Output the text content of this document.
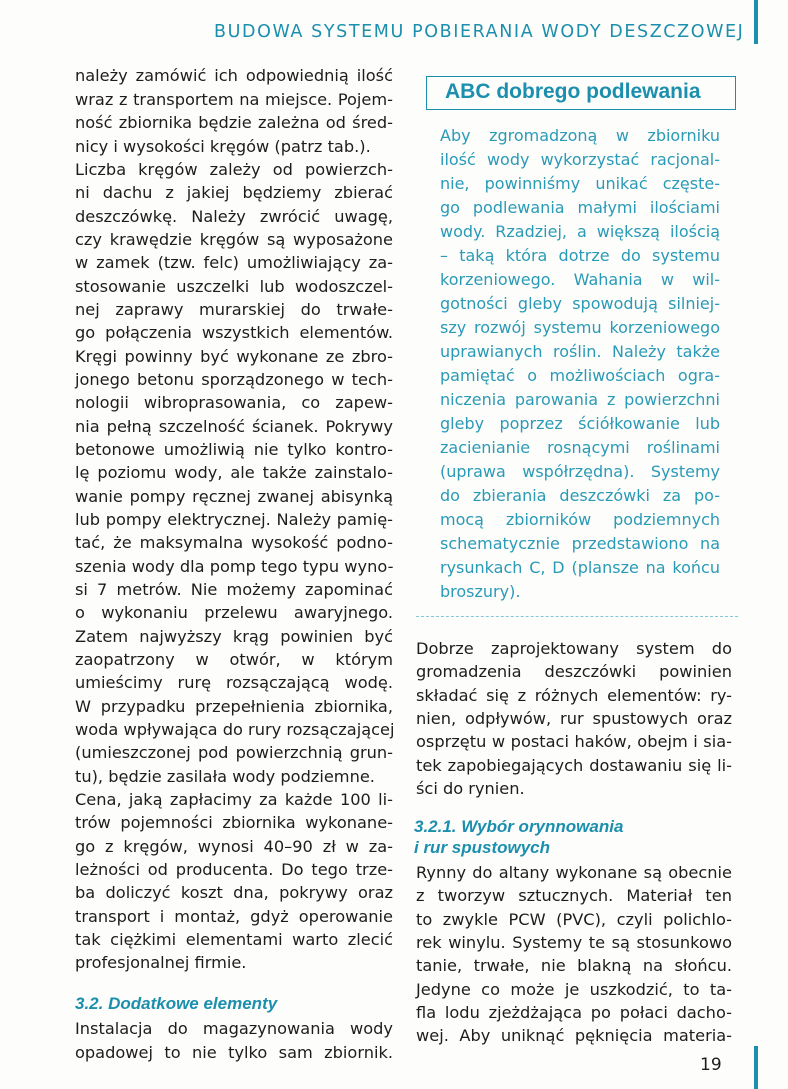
BUDOWA SYSTEMU POBIERANIA WODY DESZCZOWEJ
należy zamówić ich odpowiednią ilość
wraz z transportem na miejsce. Pojem-
ność zbiornika będzie zależna od śred-
nicy i wysokości kręgów (patrz tab.).
Liczba kręgów zależy od powierzch-
ni dachu z jakiej będziemy zbierać
deszczówkę. Należy zwrócić uwagę,
czy krawędzie kręgów są wyposażone
w zamek (tzw. felc) umożliwiający za-
stosowanie uszczelki lub wodoszczel-
nej zaprawy murarskiej do trwałe-
go połączenia wszystkich elementów.
Kręgi powinny być wykonane ze zbro-
jonego betonu sporządzonego w tech-
nologii wibroprasowania, co zapew-
nia pełną szczelność ścianek. Pokrywy
betonowe umożliwią nie tylko kontro-
lę poziomu wody, ale także zainstalo-
wanie pompy ręcznej zwanej abisynką
lub pompy elektrycznej. Należy pamię-
tać, że maksymalna wysokość podno-
szenia wody dla pomp tego typu wyno-
si 7 metrów. Nie możemy zapominać
o wykonaniu przelewu awaryjnego.
Zatem najwyższy krąg powinien być
zaopatrzony w otwór, w którym
umieścimy rurę rozsączającą wodę.
W przypadku przepełnienia zbiornika,
woda wpływająca do rury rozsączającej
(umieszczonej pod powierzchnią grun-
tu), będzie zasilała wody podziemne.
Cena, jaką zapłacimy za każde 100 li-
trów pojemności zbiornika wykonane-
go z kręgów, wynosi 40–90 zł w za-
leżności od producenta. Do tego trze-
ba doliczyć koszt dna, pokrywy oraz
transport i montaż, gdyż operowanie
tak ciężkimi elementami warto zlecić
profesjonalnej firmie.
3.2. Dodatkowe elementy
Instalacja do magazynowania wody
opadowej to nie tylko sam zbiornik.
ABC dobrego podlewania
Aby zgromadzoną w zbiorniku
ilość wody wykorzystać racjonal-
nie, powinniśmy unikać częste-
go podlewania małymi ilościami
wody. Rzadziej, a większą ilością
– taką która dotrze do systemu
korzeniowego. Wahania w wil-
gotności gleby spowodują silniej-
szy rozwój systemu korzeniowego
uprawianych roślin. Należy także
pamiętać o możliwościach ogra-
niczenia parowania z powierzchni
gleby poprzez ściółkowanie lub
zacienianie rosnącymi roślinami
(uprawa współrzędna). Systemy
do zbierania deszczówki za po-
mocą zbiorników podziemnych
schematycznie przedstawiono na
rysunkach C, D (plansze na końcu
broszury).
Dobrze zaprojektowany system do
gromadzenia deszczówki powinien
składać się z różnych elementów: ry-
nien, odpływów, rur spustowych oraz
osprzętu w postaci haków, obejm i sia-
tek zapobiegających dostawaniu się li-
ści do rynien.
3.2.1. Wybór orynnowania
i rur spustowych
Rynny do altany wykonane są obecnie
z tworzyw sztucznych. Materiał ten
to zwykle PCW (PVC), czyli polichlo-
rek winylu. Systemy te są stosunkowo
tanie, trwałe, nie blakną na słońcu.
Jedyne co może je uszkodzić, to ta-
fla lodu zjeżdżająca po połaci dacho-
wej. Aby uniknąć pęknięcia materia-
19
